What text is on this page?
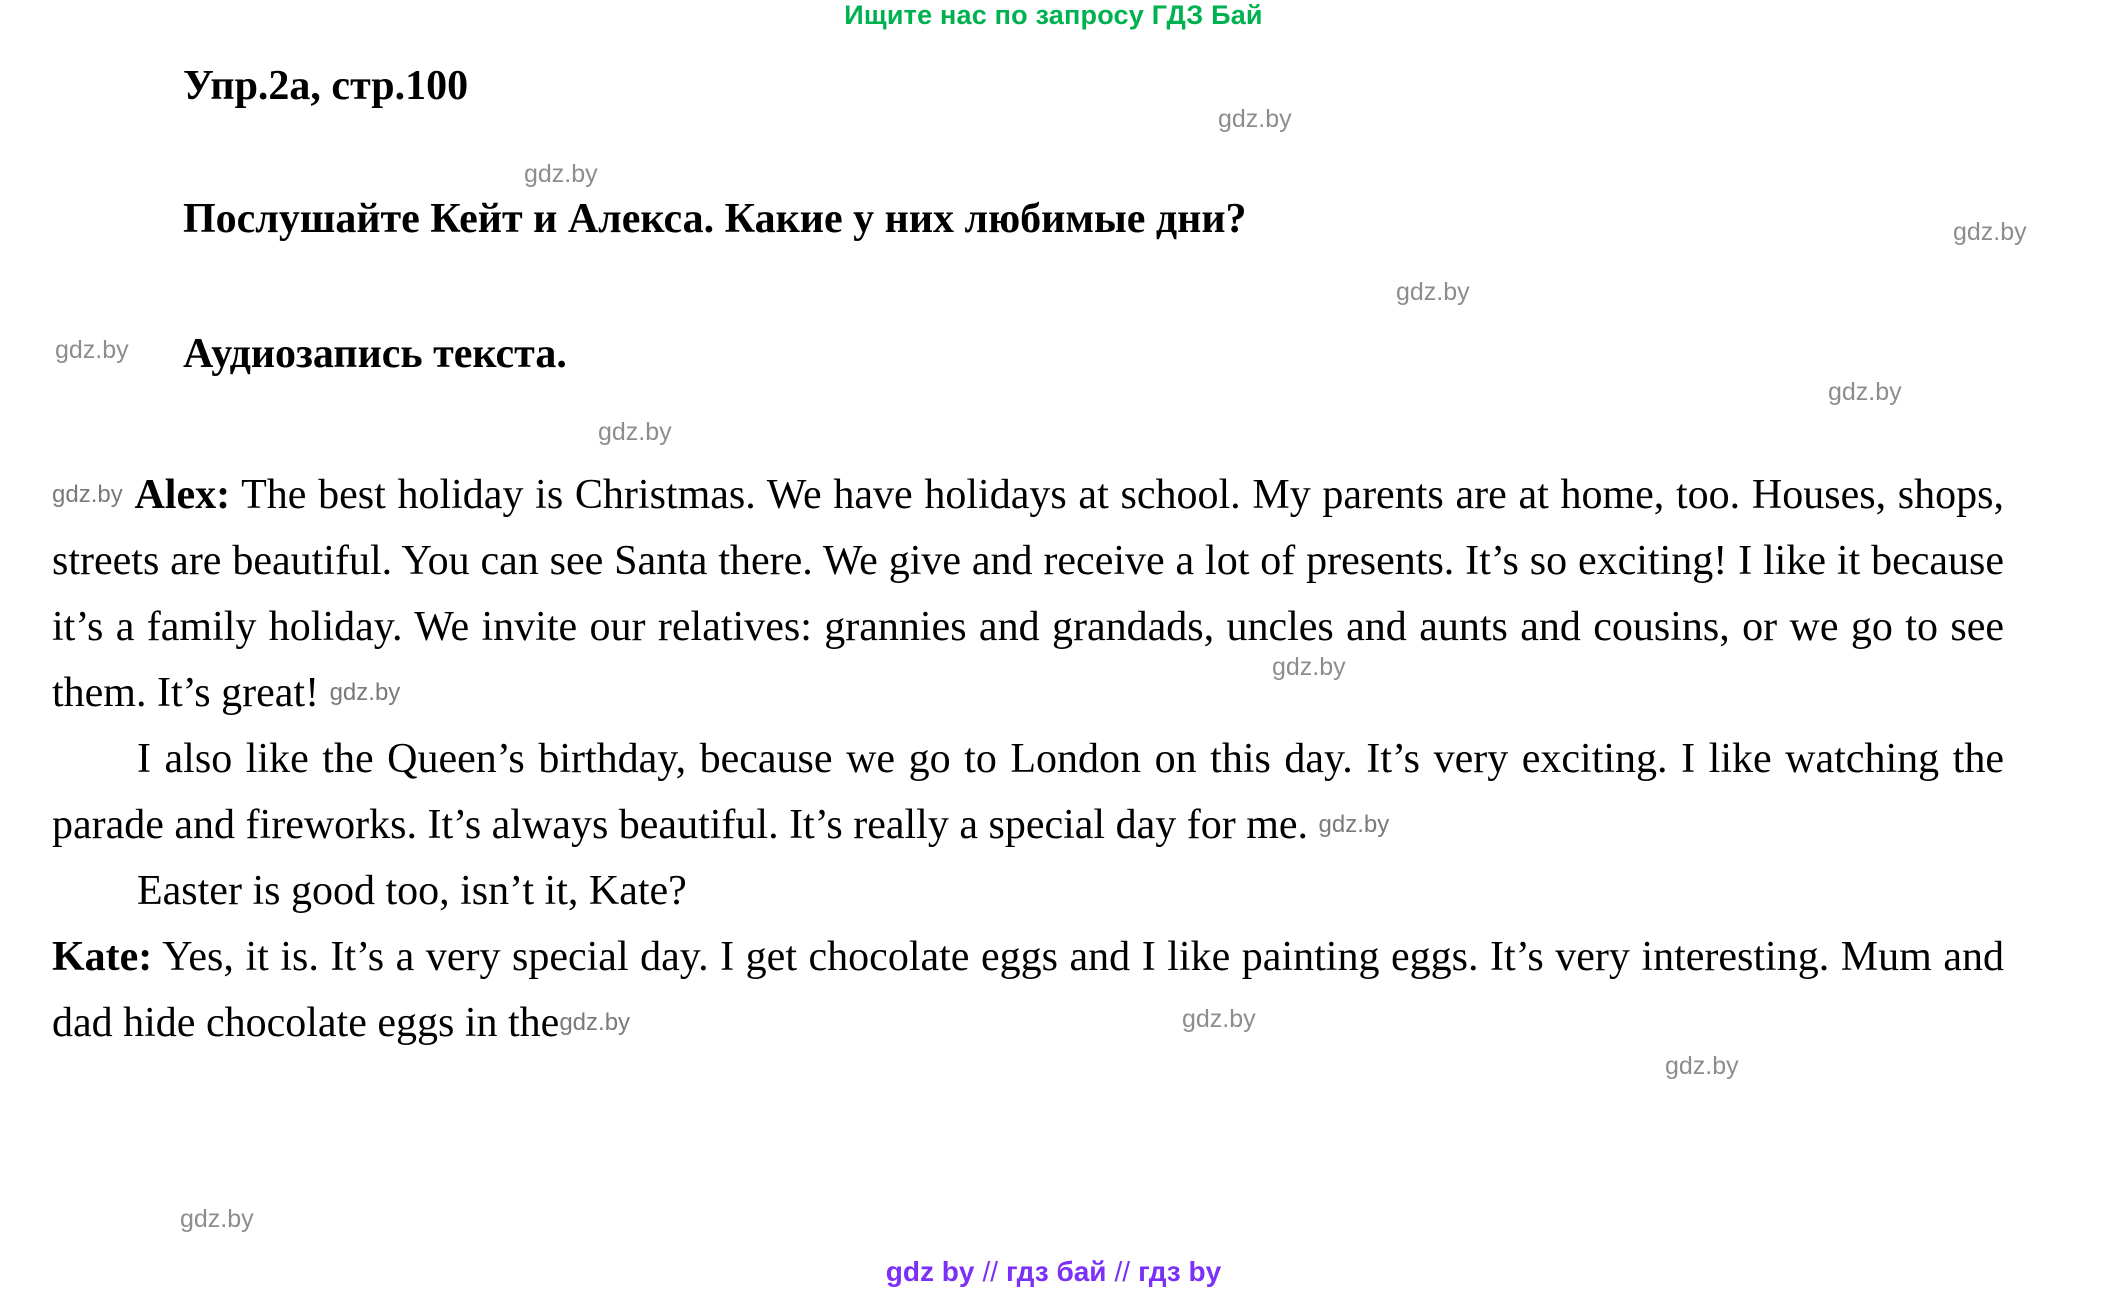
Ищите нас по запросу ГДЗ Бай
Упр.2a, стр.100
Послушайте Кейт и Алекса. Какие у них любимые дни?
Аудиозапись текста.

gdz.by Alex: The best holiday is Christmas. We have holidays at school. My parents are at home, too. Houses, shops, streets are beautiful. You can see Santa there. We give and receive a lot of presents. It’s so exciting! I like it because it’s a family holiday. We invite our relatives: grannies and grandads, uncles and aunts and cousins, or we go to see them. It’s great! gdz.by

I also like the Queen’s birthday, because we go to London on this day. It’s very exciting. I like watching the parade and fireworks. It’s always beautiful. It’s really a special day for me. gdz.by

Easter is good too, isn’t it, Kate?

Kate: Yes, it is. It’s a very special day. I get chocolate eggs and I like painting eggs. It’s very interesting. Mum and dad hide chocolate eggs in thegdz.by

gdz.by
gdz.by
gdz.by
gdz.by
gdz.by
gdz.by
gdz.by
gdz.by
gdz.by
gdz.by
gdz.by
gdz by // гдз бай // гдз by
